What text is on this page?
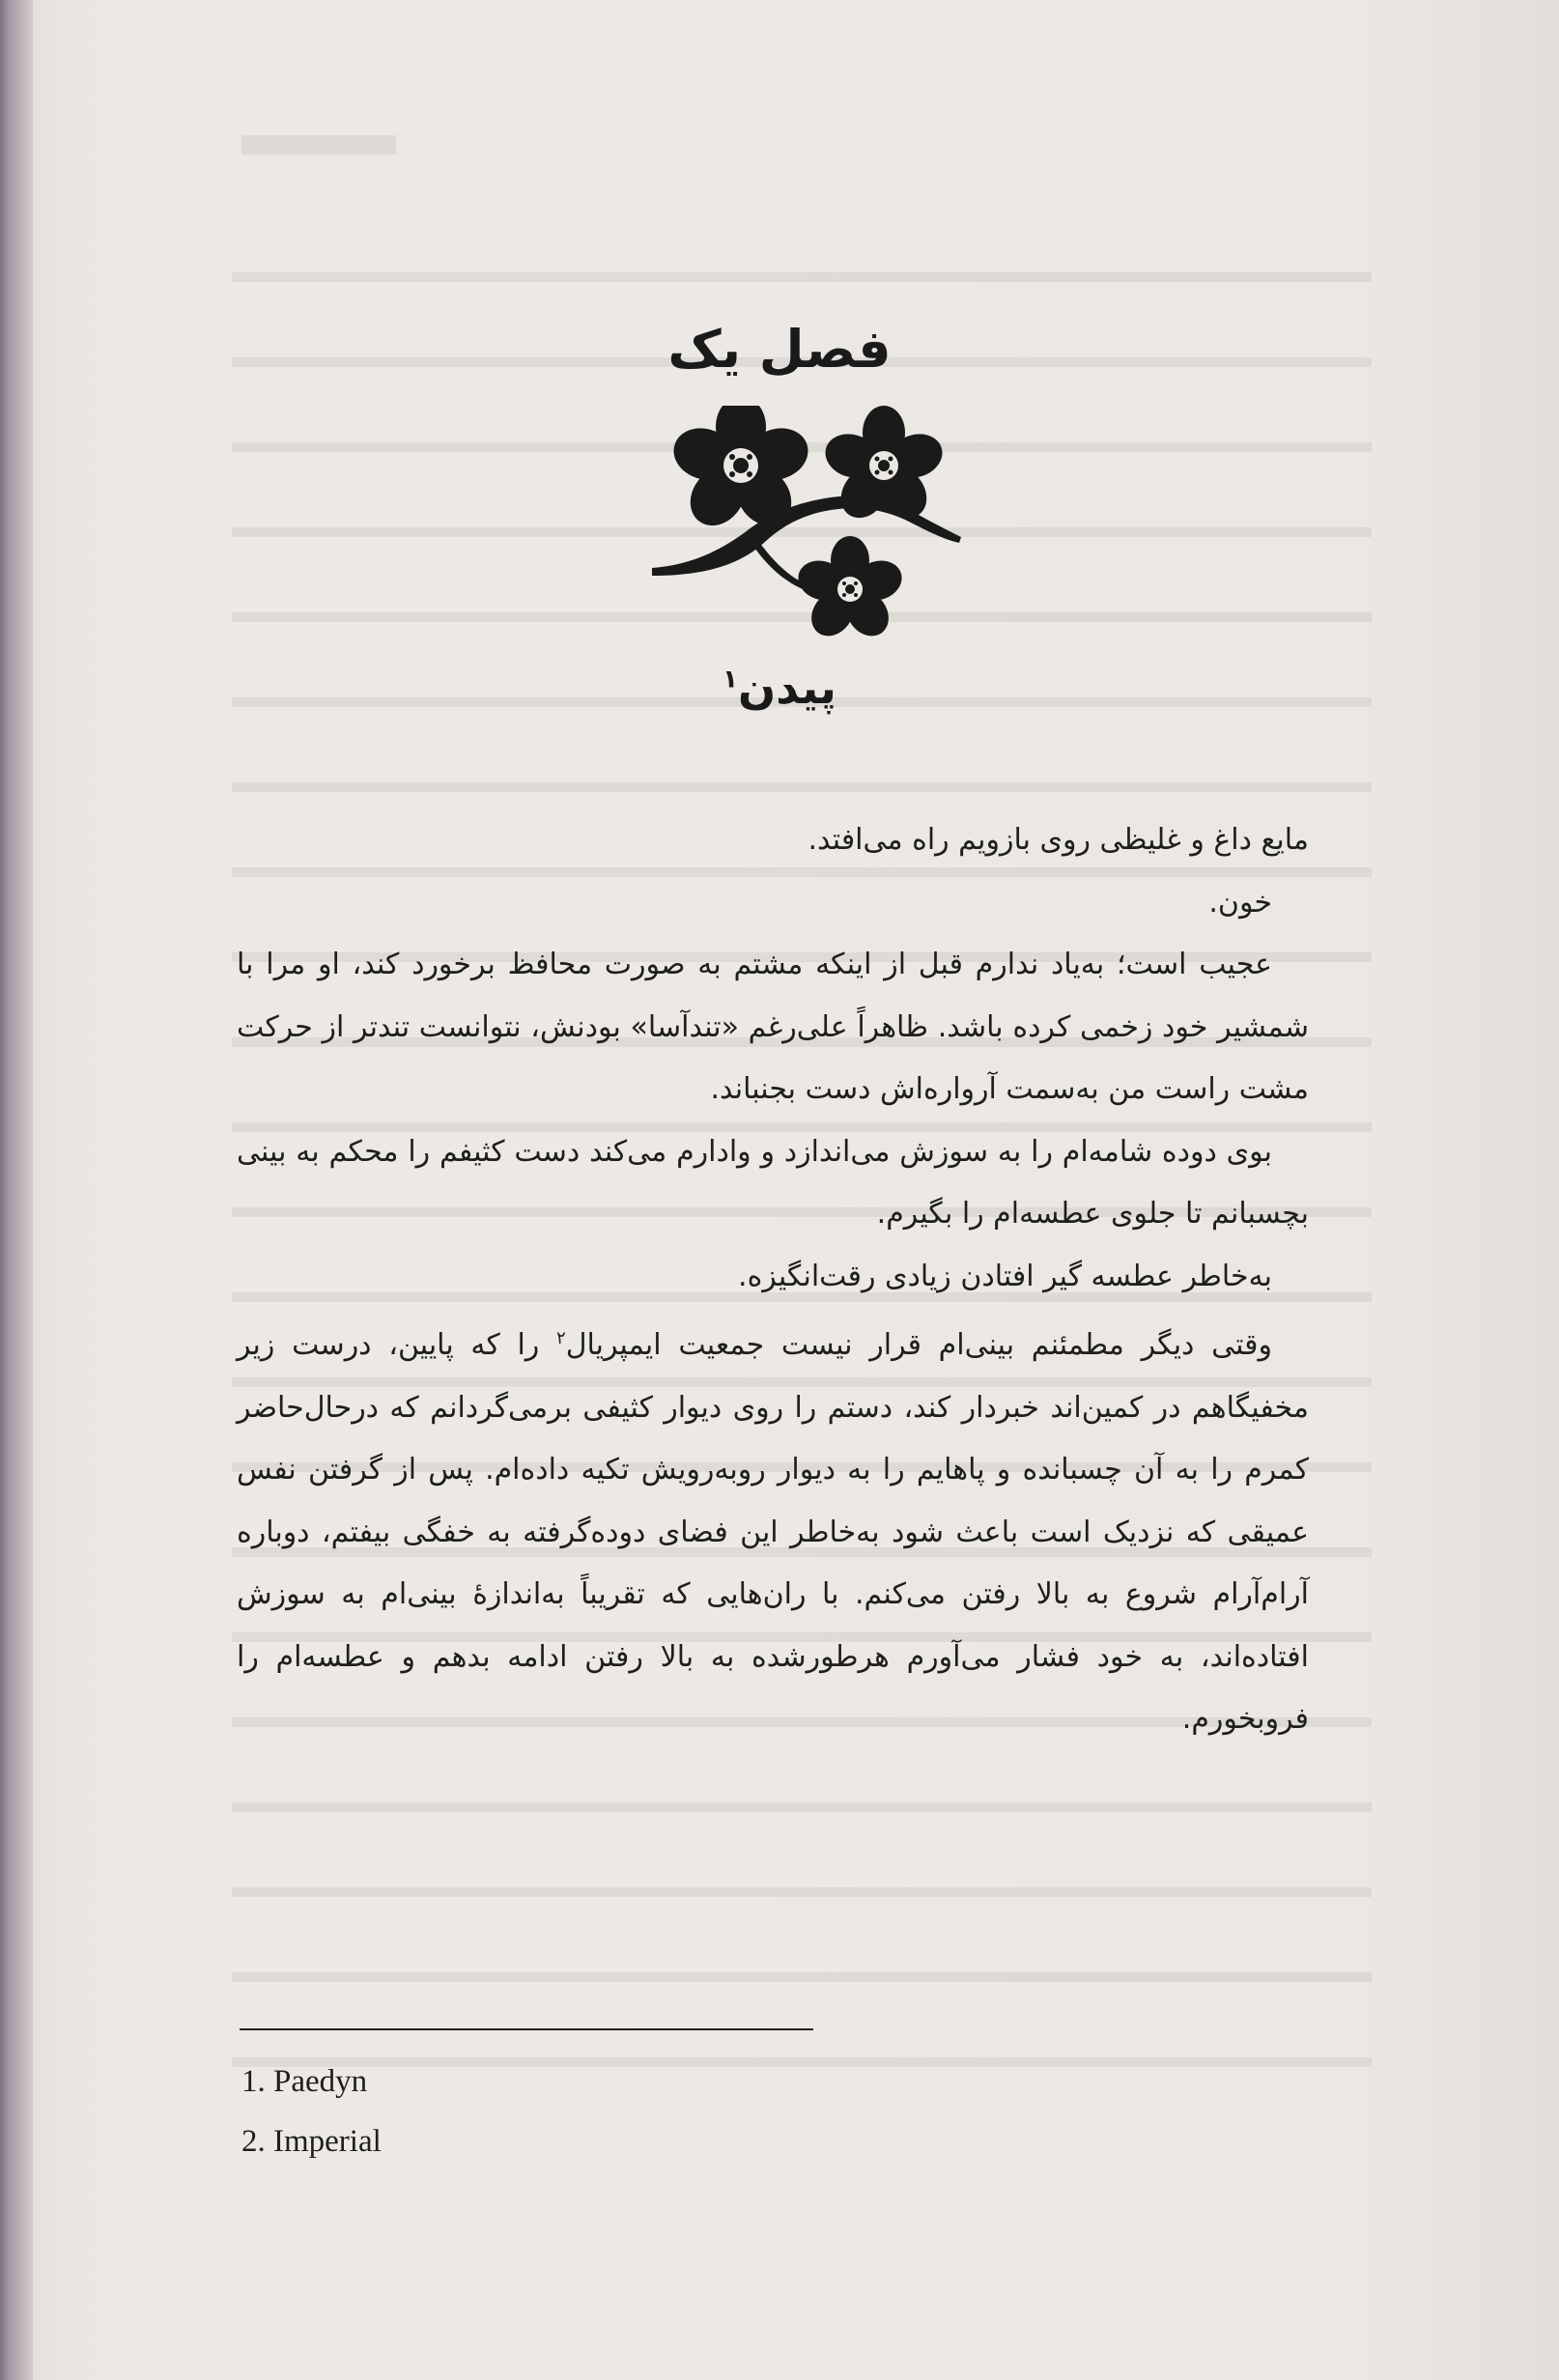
فصل یک
پیدن$^۱$

مایع داغ و غلیظی روی بازویم راه می‌افتد.

خون.

عجیب است؛ به‌یاد ندارم قبل از اینکه مشتم به صورت محافظ برخورد کند، او مرا با شمشیر خود زخمی کرده باشد. ظاهراً علی‌رغم «تندآسا» بودنش، نتوانست تندتر از حرکت مشت راست من به‌سمت آرواره‌اش دست بجنباند.

بوی دوده شامه‌ام را به سوزش می‌اندازد و وادارم می‌کند دست کثیفم را محکم به بینی بچسبانم تا جلوی عطسه‌ام را بگیرم.

به‌خاطر عطسه گیر افتادن زیادی رقت‌انگیزه.

وقتی دیگر مطمئنم بینی‌ام قرار نیست جمعیت ایمپریال$^۲$ را که پایین، درست زیر مخفیگاهم در کمین‌اند خبردار کند، دستم را روی دیوار کثیفی برمی‌گردانم که درحال‌حاضر کمرم را به آن چسبانده و پاهایم را به دیوار روبه‌رویش تکیه داده‌ام. پس از گرفتن نفس عمیقی که نزدیک است باعث شود به‌خاطر این فضای دوده‌گرفته به خفگی بیفتم، دوباره آرام‌آرام شروع به بالا رفتن می‌کنم. با ران‌هایی که تقریباً به‌اندازهٔ بینی‌ام به سوزش افتاده‌اند، به خود فشار می‌آورم هرطورشده به بالا رفتن ادامه بدهم و عطسه‌ام را فروبخورم.

1. Paedyn
2. Imperial
